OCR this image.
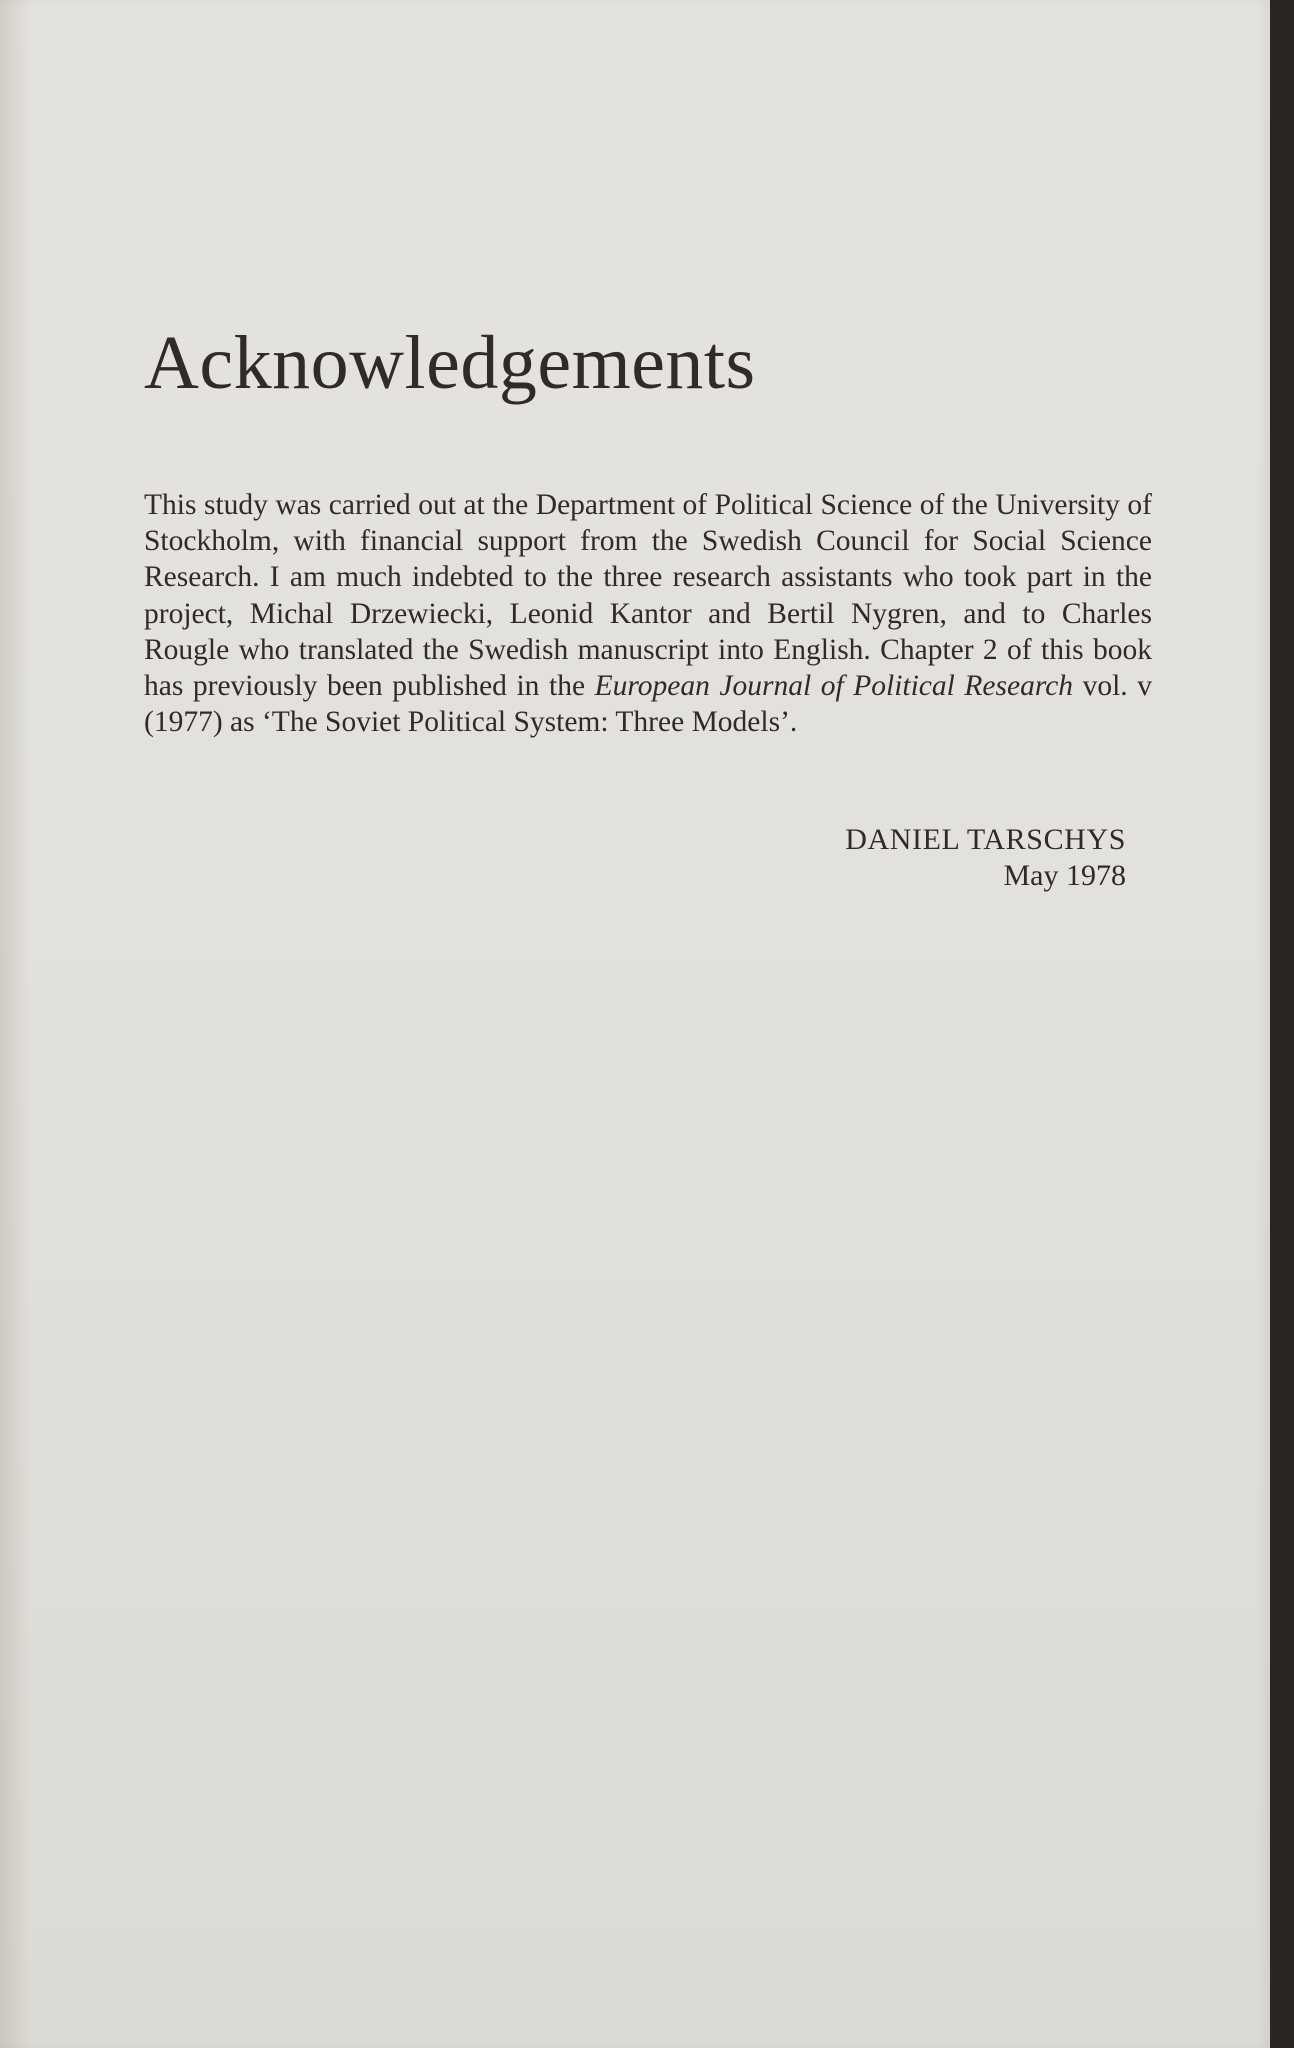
Acknowledgements

This study was carried out at the Department of Political Science of the University of Stockholm, with financial support from the Swedish Council for Social Science Research. I am much indebted to the three research assistants who took part in the project, Michal Drzewiecki, Leonid Kantor and Bertil Nygren, and to Charles Rougle who translated the Swedish manuscript into English. Chapter 2 of this book has previously been published in the European Journal of Political Research vol. v (1977) as ‘The Soviet Political System: Three Models’.

DANIEL TARSCHYS
May 1978
